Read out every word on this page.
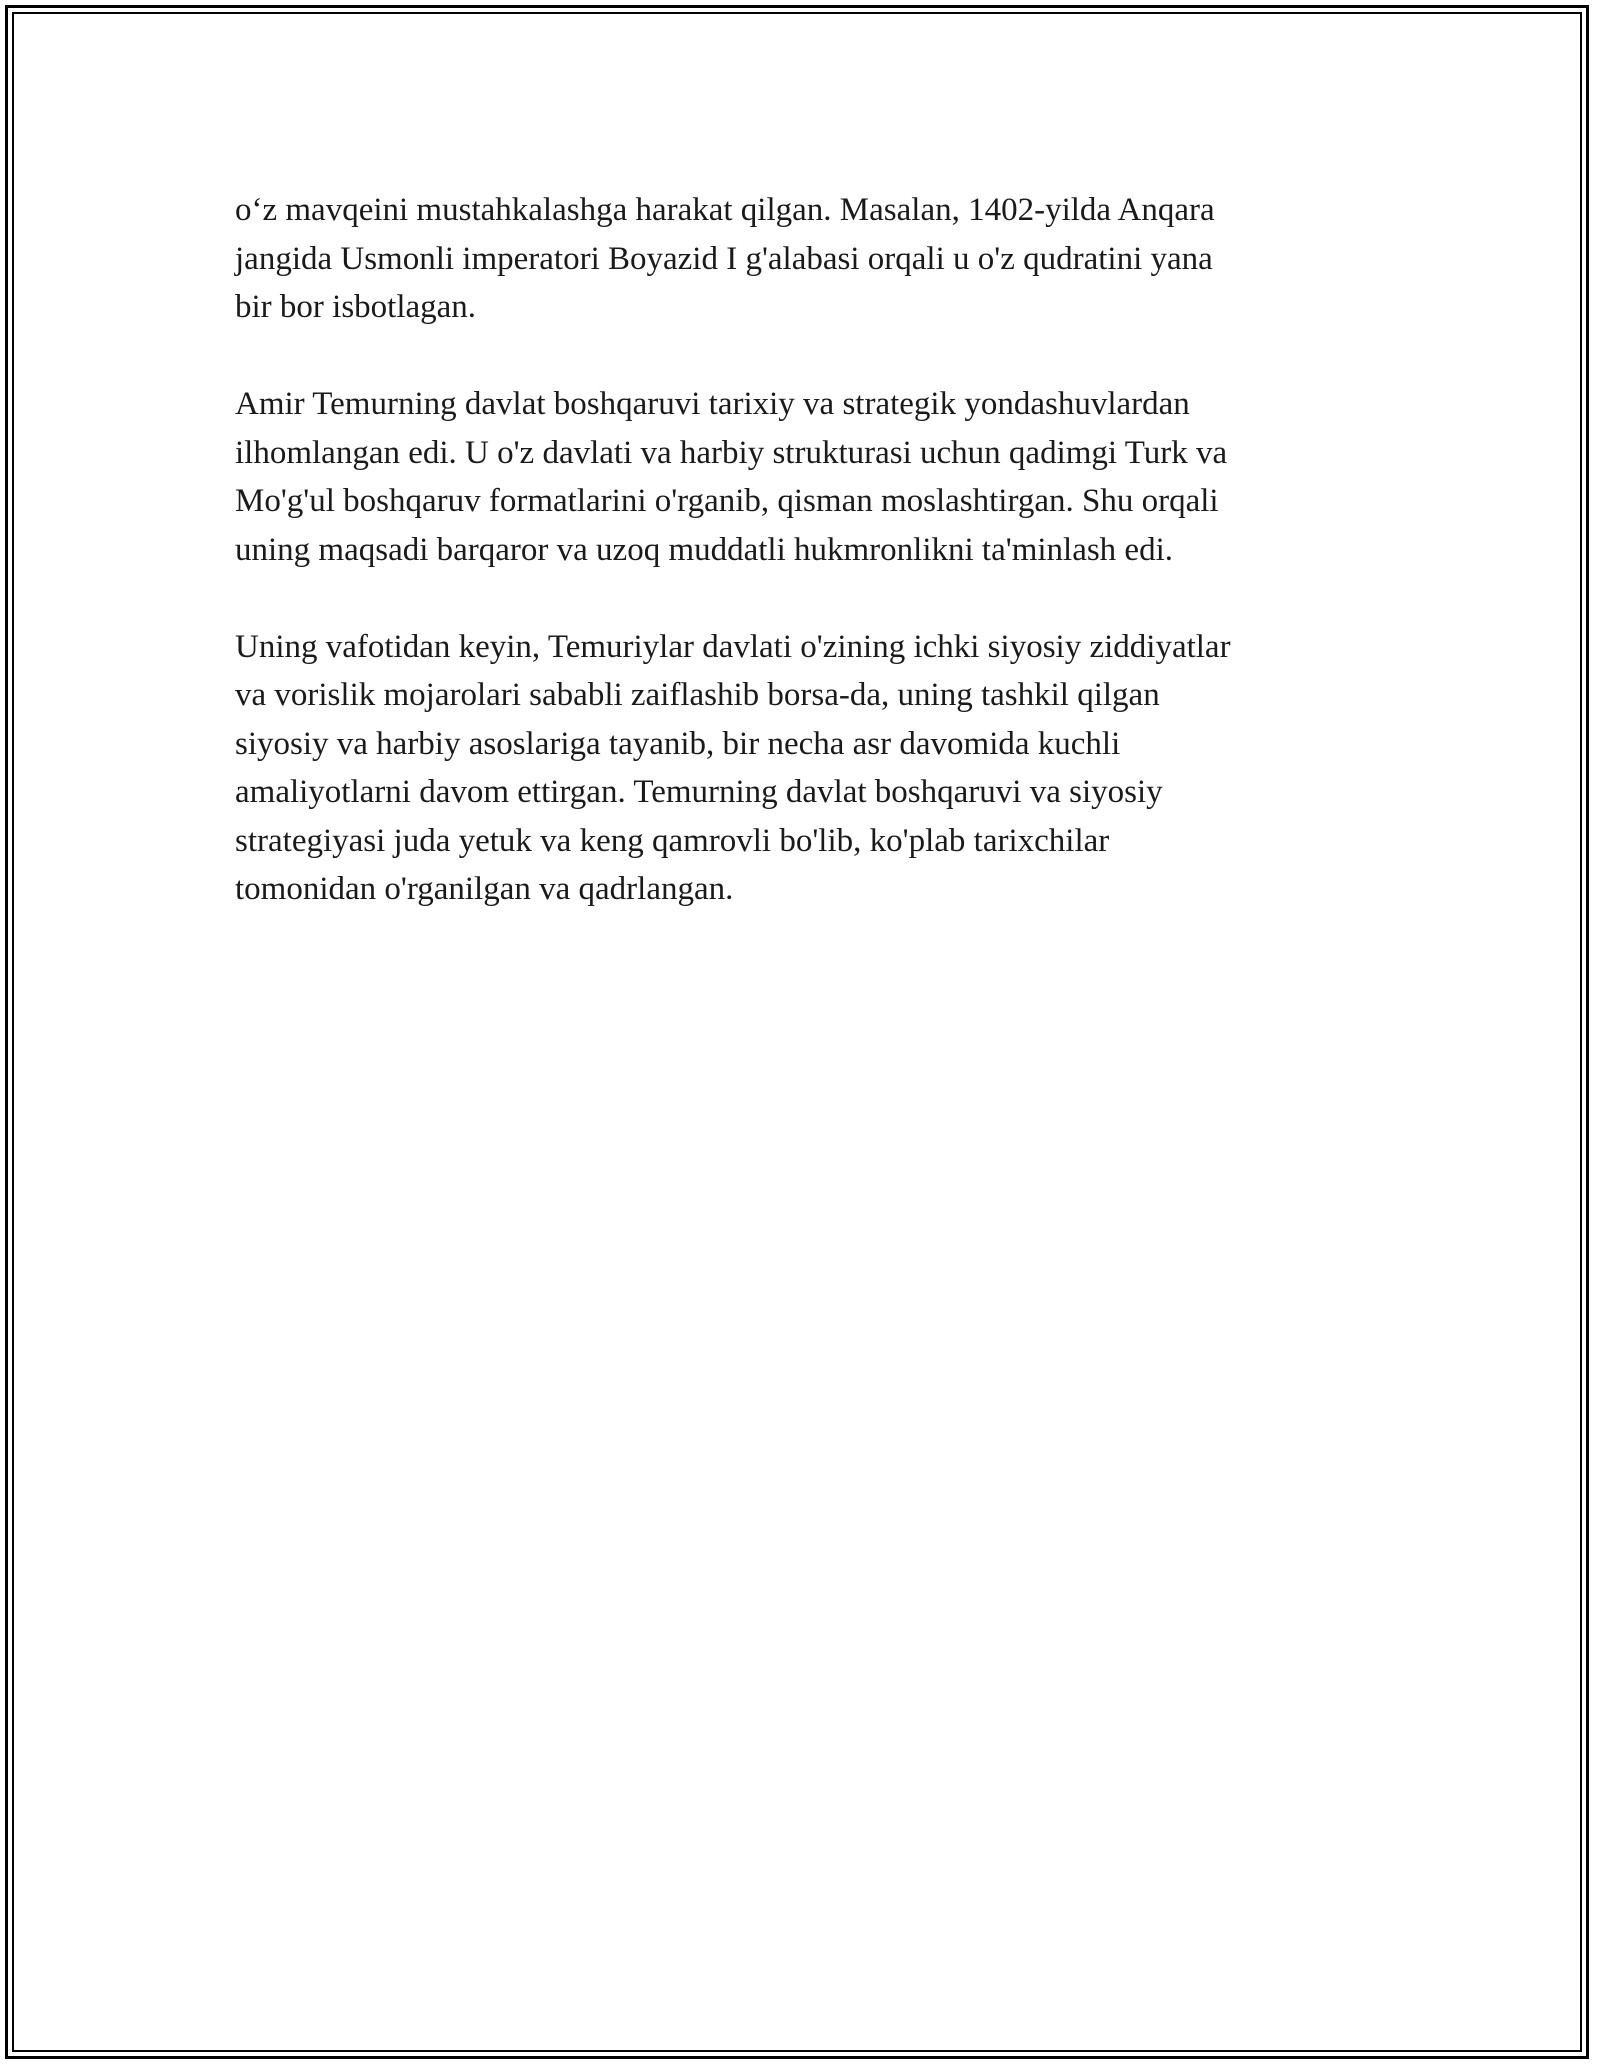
oʻz mavqeini mustahkalashga harakat qilgan. Masalan, 1402-yilda Anqara
jangida Usmonli imperatori Boyazid I g'alabasi orqali u o'z qudratini yana
bir bor isbotlagan.

Amir Temurning davlat boshqaruvi tarixiy va strategik yondashuvlardan
ilhomlangan edi. U o'z davlati va harbiy strukturasi uchun qadimgi Turk va
Mo'g'ul boshqaruv formatlarini o'rganib, qisman moslashtirgan. Shu orqali
uning maqsadi barqaror va uzoq muddatli hukmronlikni ta'minlash edi.

Uning vafotidan keyin, Temuriylar davlati o'zining ichki siyosiy ziddiyatlar
va vorislik mojarolari sababli zaiflashib borsa-da, uning tashkil qilgan
siyosiy va harbiy asoslariga tayanib, bir necha asr davomida kuchli
amaliyotlarni davom ettirgan. Temurning davlat boshqaruvi va siyosiy
strategiyasi juda yetuk va keng qamrovli bo'lib, ko'plab tarixchilar
tomonidan o'rganilgan va qadrlangan.
